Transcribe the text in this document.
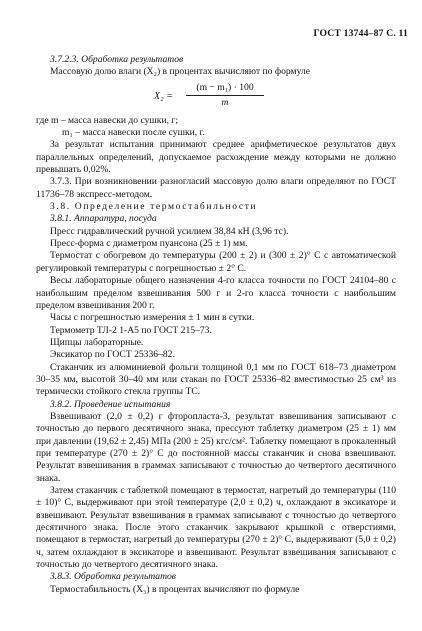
ГОСТ 13744–87 С. 11

3.7.2.3. Обработка результатов

Массовую долю влаги (X₂) в процентах вычисляют по формуле

X₂ =
(m − m₁) · 100
m

где m – масса навески до сушки, г;

m₁ – масса навески после сушки, г.

За результат испытания принимают среднее арифметическое результатов двух параллельных определений, допускаемое расхождение между которыми не должно превышать 0,02%.

3.7.3. При возникновении разногласий массовую долю влаги определяют по ГОСТ 11736–78 экспресс-методом.

3.8. Определение термостабильности

3.8.1. Аппаратура, посуда

Пресс гидравлический ручной усилием 38,84 кН (3,96 тс).

Пресс-форма с диаметром пуансона (25 ± 1) мм.

Термостат с обогревом до температуры (200 ± 2) и (300 ± 2)° С с автоматической регулировкой температуры с погрешностью ± 2° С.

Весы лабораторные общего назначения 4-го класса точности по ГОСТ 24104–80 с наибольшим пределом взвешивания 500 г и 2-го класса точности с наибольшим пределом взвешивания 200 г.

Часы с погрешностью измерения ± 1 мин в сутки.

Термометр ТЛ-2 1-А5 по ГОСТ 215–73.

Щипцы лабораторные.

Эксикатор по ГОСТ 25336–82.

Стаканчик из алюминиевой фольги толщиной 0,1 мм по ГОСТ 618–73 диаметром 30–35 мм, высотой 30–40 мм или стакан по ГОСТ 25336–82 вместимостью 25 см³ из термически стойкого стекла группы ТС.

3.8.2. Проведение испытания

Взвешивают (2,0 ± 0,2) г фторопласта-3, результат взвешивания записывают с точностью до первого десятичного знака, прессуют таблетку диаметром (25 ± 1) мм при давлении (19,62 ± 2,45) МПа (200 ± 25) кгс/см². Таблетку помещают в прокаленный при температуре (270 ± 2)° С до постоянной массы стаканчик и снова взвешивают. Результат взвешивания в граммах записывают с точностью до четвертого десятичного знака.

Затем стаканчик с таблеткой помещают в термостат, нагретый до температуры (110 ± 10)° С, выдерживают при этой температуре (2,0 ± 0,2) ч, охлаждают в эксикаторе и взвешивают. Результат взвешивания в граммах записывают с точностью до четвертого десятичного знака. После этого стаканчик закрывают крышкой с отверстиями, помещают в термостат, нагретый до температуры (270 ± 2)° С, выдерживают (5,0 ± 0,2) ч, затем охлаждают в эксикаторе и взвешивают. Результат взвешивания записывают с точностью до четвертого десятичного знака.

3.8.3. Обработка результатов

Термостабильность (X₃) в процентах вычисляют по формуле
